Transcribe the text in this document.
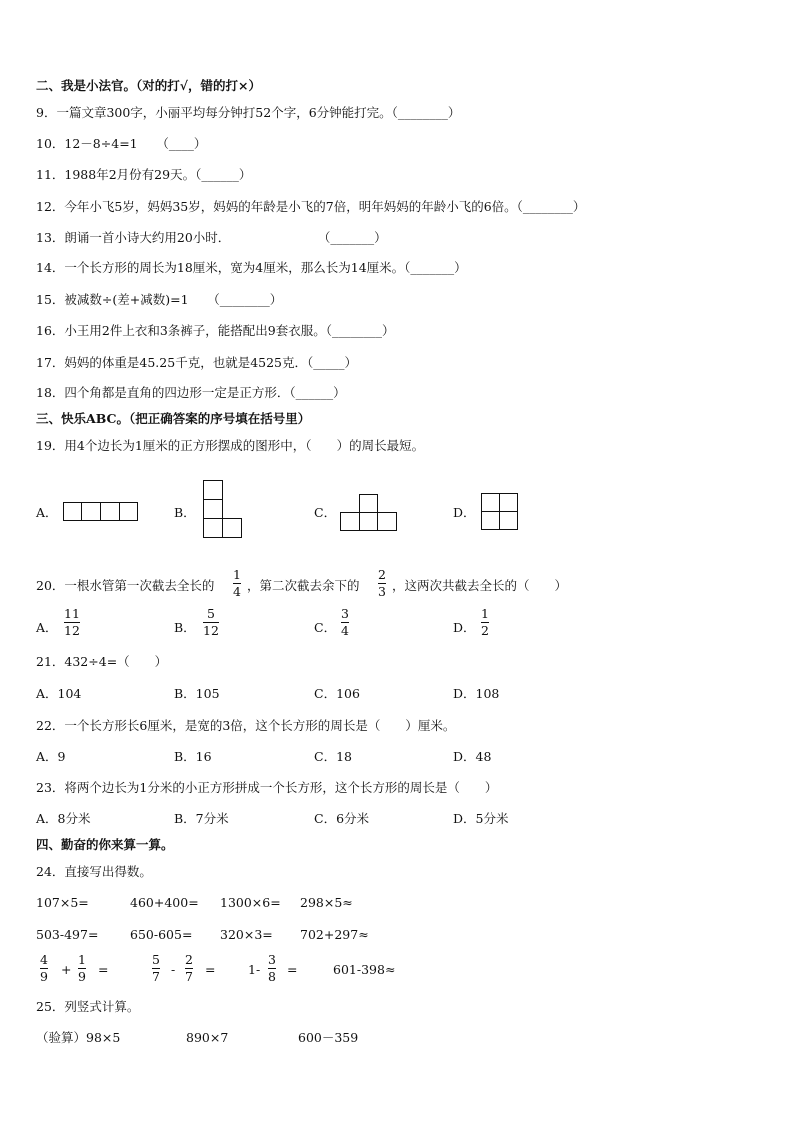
二、我是小法官。（对的打√，错的打×）
9．一篇文章300字，小丽平均每分钟打52个字，6分钟能打完。（________）
10．12－8÷4=1　　（____）
11．1988年2月份有29天。（______）
12．今年小飞5岁，妈妈35岁，妈妈的年龄是小飞的7倍，明年妈妈的年龄小飞的6倍。（________）
13．朗诵一首小诗大约用20小时．　　　　　　　　（_______）
14．一个长方形的周长为18厘米，宽为4厘米，那么长为14厘米。（_______）
15．被减数÷(差+减数)=1　　（________）
16．小王用2件上衣和3条裤子，能搭配出9套衣服。（________）
17．妈妈的体重是45.25千克，也就是4525克．（_____）
18．四个角都是直角的四边形一定是正方形．（______）
三、快乐ABC。（把正确答案的序号填在括号里）
19．用4个边长为1厘米的正方形摆成的图形中，（　　）的周长最短。
A．	B．	C．	D．
20．一根水管第一次截去全长的
1
4 ，第二次截去余下的
2
3 ，这两次共截去全长的（　　）
A．
11
12	B．
5
12	C．
3
4	D．
1
2
21．432÷4=（　　）
A．104	B．105	C．106	D．108
22．一个长方形长6厘米，是宽的3倍，这个长方形的周长是（　　）厘米。
A．9	B．16	C．18	D．48
23．将两个边长为1分米的小正方形拼成一个长方形，这个长方形的周长是（　　）
A．8分米	B．7分米	C．6分米	D．5分米
四、勤奋的你来算一算。
24．直接写出得数。
107×5=	460+400= 1300×6= 298×5≈
503-497=	650-605= 320×3= 702+297≈
4
9 +
1
9 =
5
7 -
2
7 =	1-
3
8 =	601-398≈
25．列竖式计算。
（验算）98×5	890×7	600－359
